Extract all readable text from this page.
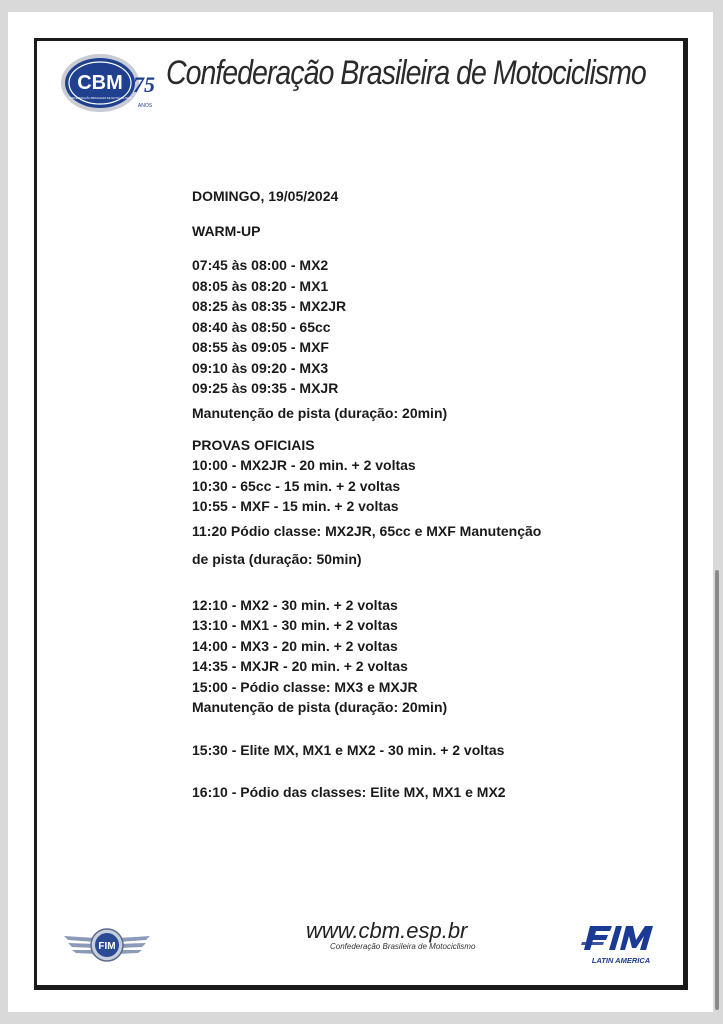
CBM
CONFEDERAÇÃO BRASILEIRA DE MOTOCICLISMO
75
ANOS
Confederação Brasileira de Motociclismo
DOMINGO, 19/05/2024
WARM-UP
07:45 às 08:00 - MX2
08:05 às 08:20 - MX1
08:25 às 08:35 - MX2JR
08:40 às 08:50 - 65cc
08:55 às 09:05 - MXF
09:10 às 09:20 - MX3
09:25 às 09:35 - MXJR
Manutenção de pista (duração: 20min)
PROVAS OFICIAIS
10:00 - MX2JR - 20 min. + 2 voltas
10:30 - 65cc - 15 min. + 2 voltas
10:55 - MXF - 15 min. + 2 voltas
11:20 Pódio classe: MX2JR, 65cc e MXF Manutenção
de pista (duração: 50min)
12:10 - MX2 - 30 min. + 2 voltas
13:10 - MX1 - 30 min. + 2 voltas
14:00 - MX3 - 20 min. + 2 voltas
14:35 - MXJR - 20 min. + 2 voltas
15:00 - Pódio classe: MX3 e MXJR
Manutenção de pista (duração: 20min)
15:30 - Elite MX, MX1 e MX2 - 30 min. + 2 voltas
16:10 - Pódio das classes: Elite MX, MX1 e MX2
FIM
www.cbm.esp.br
Confederação Brasileira de Motociclismo
LATIN AMERICA
FIM
